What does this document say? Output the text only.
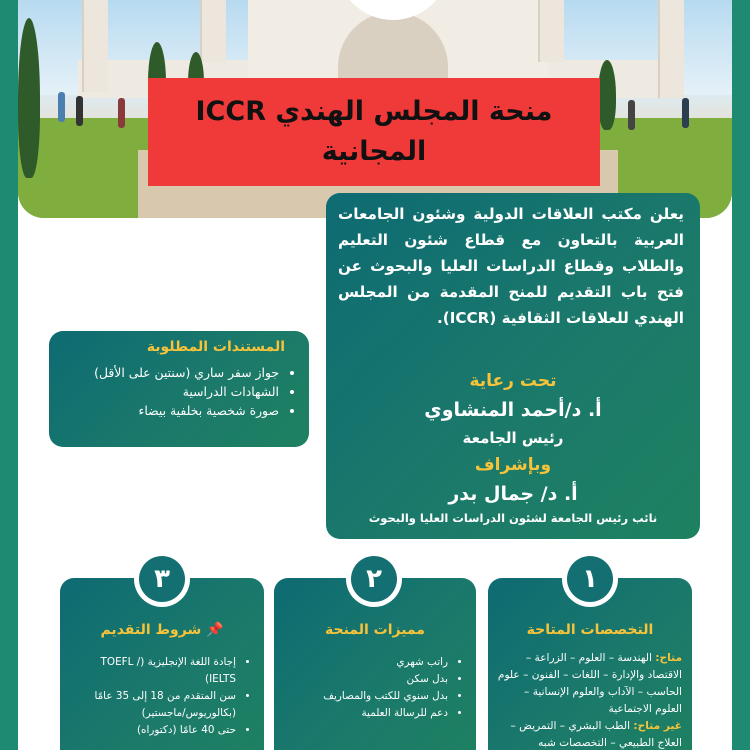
منحة المجلس الهندي ICCR المجانية
يعلن مكتب العلاقات الدولية وشئون الجامعات العربية بالتعاون مع قطاع شئون التعليم والطلاب وقطاع الدراسات العليا والبحوث عن فتح باب التقديم للمنح المقدمة من المجلس الهندي للعلاقات الثقافية (ICCR).
تحت رعاية
أ. د/أحمد المنشاوي
رئيس الجامعة
وبإشراف
أ. د/ جمال بدر
نائب رئيس الجامعة لشئون الدراسات العليا والبحوث
المستندات المطلوبة
• جواز سفر ساري (سنتين على الأقل)
• الشهادات الدراسية
• صورة شخصية بخلفية بيضاء
التخصصات المتاحة
متاح: الهندسة – العلوم – الزراعة – الاقتصاد والإدارة – اللغات – الفنون – علوم الحاسب – الآداب والعلوم الإنسانية – العلوم الاجتماعية
غير متاح: الطب البشري – التمريض – العلاج الطبيعي – التخصصات شبه
١
مميزات المنحة
• راتب شهري
• بدل سكن
• بدل سنوي للكتب والمصاريف
• دعم للرسالة العلمية
٢
📌 شروط التقديم
• إجادة اللغة الإنجليزية (TOEFL / IELTS)
• سن المتقدم من 18 إلى 35 عامًا (بكالوريوس/ماجستير)
• حتى 40 عامًا (دكتوراه)
٣
